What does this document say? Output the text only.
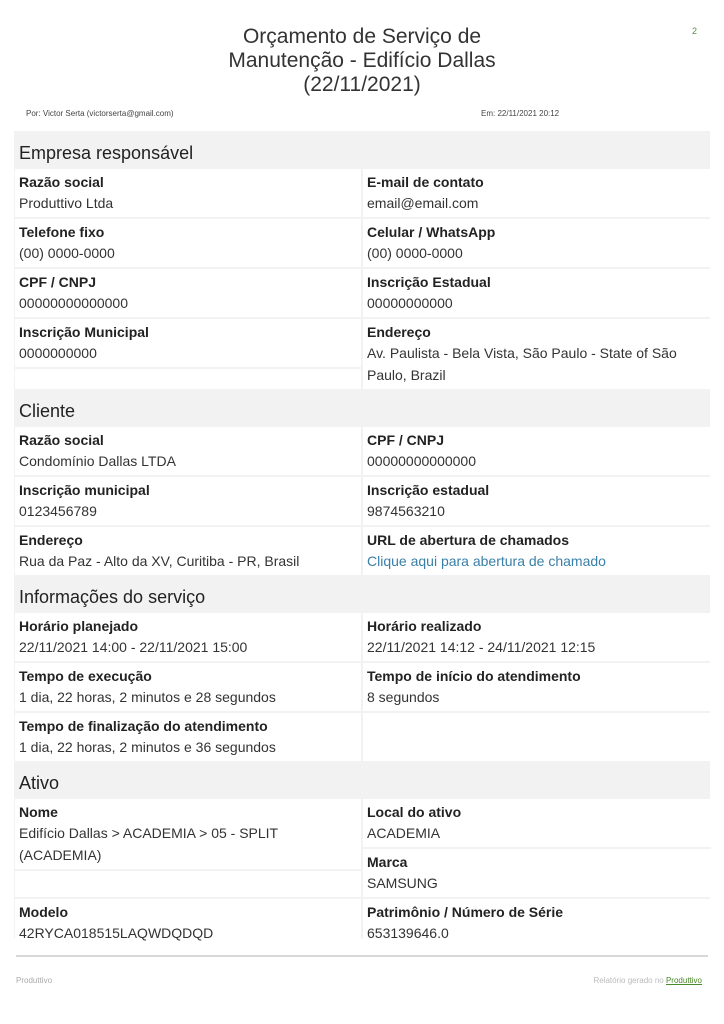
2
Orçamento de Serviço de
Manutenção - Edifício Dallas
(22/11/2021)
Por: Victor Serta (victorserta@gmail.com)	Em: 22/11/2021 20:12
Empresa responsável
Razão social
Produttivo Ltda
E-mail de contato
email@email.com
Telefone fixo
(00) 0000-0000
Celular / WhatsApp
(00) 0000-0000
CPF / CNPJ
00000000000000
Inscrição Estadual
00000000000
Inscrição Municipal
0000000000
Endereço
Av. Paulista - Bela Vista, São Paulo - State of São Paulo, Brazil
Cliente
Razão social
Condomínio Dallas LTDA
CPF / CNPJ
00000000000000
Inscrição municipal
0123456789
Inscrição estadual
9874563210
Endereço
Rua da Paz - Alto da XV, Curitiba - PR, Brasil
URL de abertura de chamados
Clique aqui para abertura de chamado
Informações do serviço
Horário planejado
22/11/2021 14:00 - 22/11/2021 15:00
Horário realizado
22/11/2021 14:12 - 24/11/2021 12:15
Tempo de execução
1 dia, 22 horas, 2 minutos e 28 segundos
Tempo de início do atendimento
8 segundos
Tempo de finalização do atendimento
1 dia, 22 horas, 2 minutos e 36 segundos
Ativo
Nome
Edifício Dallas > ACADEMIA > 05 - SPLIT (ACADEMIA)
Local do ativo
ACADEMIA
Marca
SAMSUNG
Modelo
42RYCA018515LAQWDQDQD
Patrimônio / Número de Série
653139646.0
Produttivo	Relatório gerado no Produttivo
